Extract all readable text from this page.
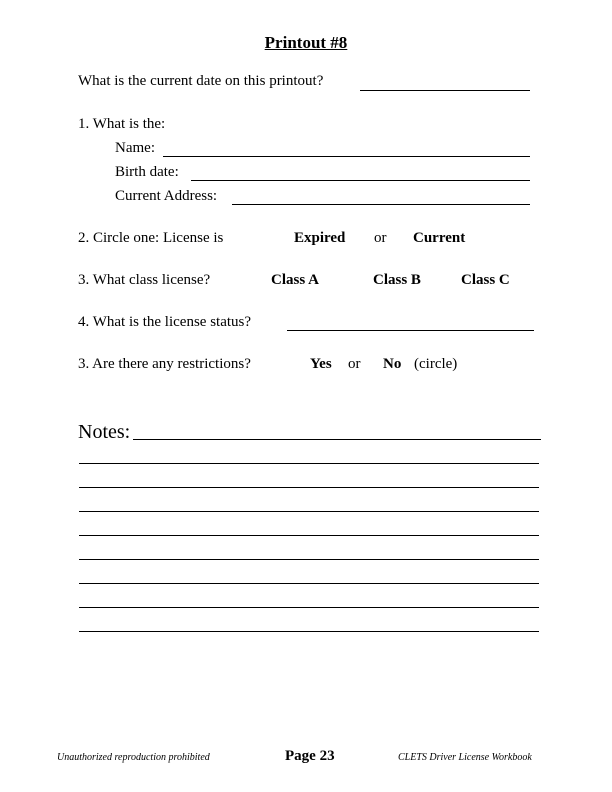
Printout #8
What is the current date on this printout?
1. What is the:
Name:
Birth date:
Current Address:
2. Circle one: License is	Expired or Current
3. What class license?	Class A	Class B	Class C
4. What is the license status?
3. Are there any restrictions?	Yes or No (circle)
Notes:
Unauthorized reproduction prohibited	Page 23	CLETS Driver License Workbook
